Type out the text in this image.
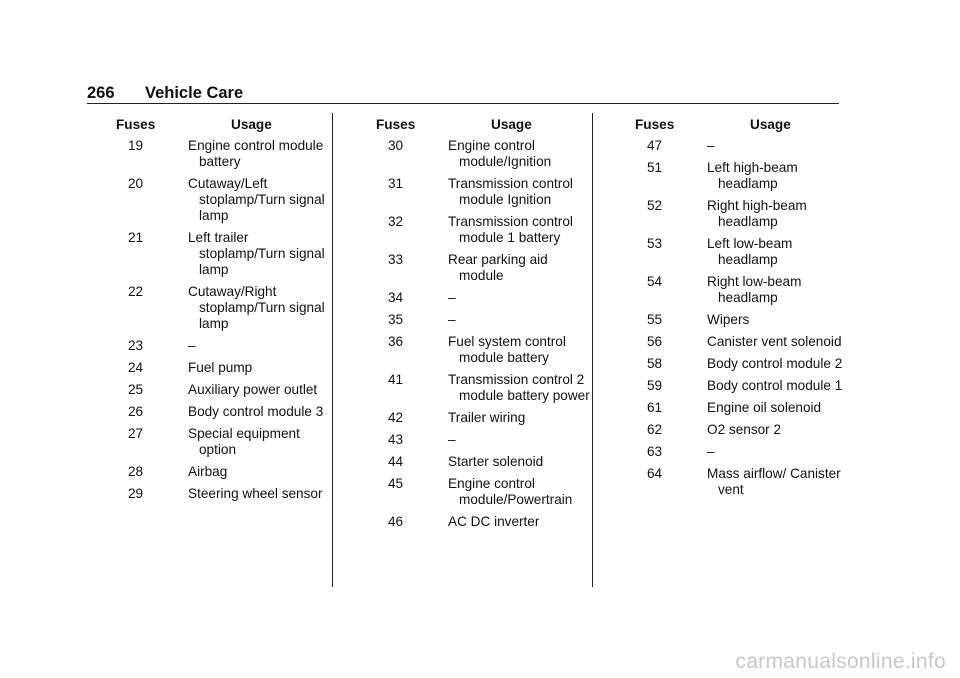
266 Vehicle Care
Fuses	Usage
19	Engine control module battery
20	Cutaway/Left stoplamp/Turn signal lamp
21	Left trailer stoplamp/Turn signal lamp
22	Cutaway/Right stoplamp/Turn signal lamp
23	–
24	Fuel pump
25	Auxiliary power outlet
26	Body control module 3
27	Special equipment option
28	Airbag
29	Steering wheel sensor
Fuses	Usage
30	Engine control module/Ignition
31	Transmission control module Ignition
32	Transmission control module 1 battery
33	Rear parking aid module
34	–
35	–
36	Fuel system control module battery
41	Transmission control 2 module battery power
42	Trailer wiring
43	–
44	Starter solenoid
45	Engine control module/Powertrain
46	AC DC inverter
Fuses	Usage
47	–
51	Left high-beam headlamp
52	Right high-beam headlamp
53	Left low-beam headlamp
54	Right low-beam headlamp
55	Wipers
56	Canister vent solenoid
58	Body control module 2
59	Body control module 1
61	Engine oil solenoid
62	O2 sensor 2
63	–
64	Mass airflow/ Canister vent
carmanualsonline.info
